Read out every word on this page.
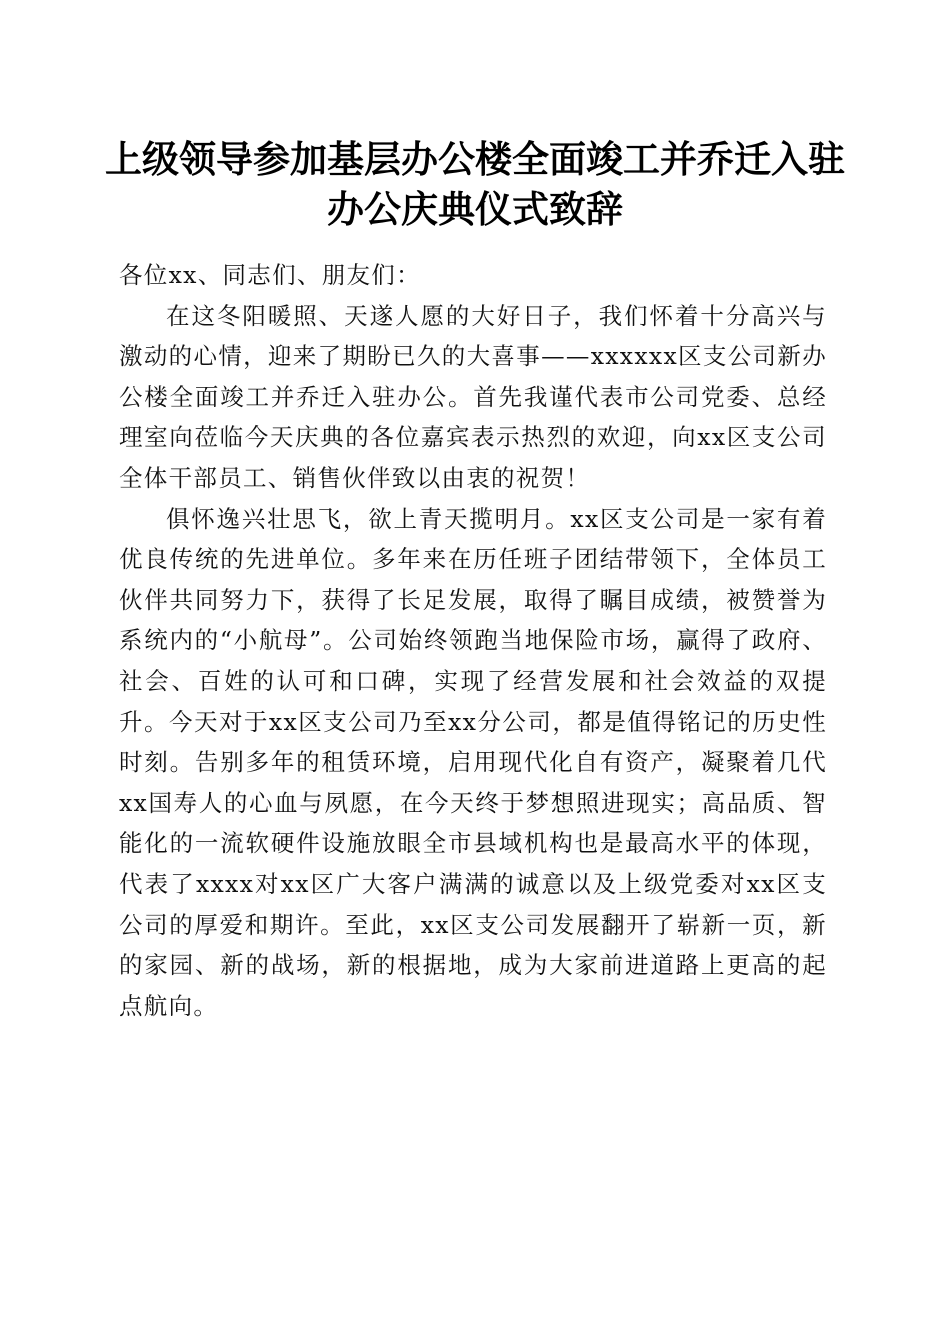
上级领导参加基层办公楼全面竣工并乔迁入驻
办公庆典仪式致辞

各位xx、同志们、朋友们：

在这冬阳暖照、天遂人愿的大好日子，我们怀着十分高兴与激动的心情，迎来了期盼已久的大喜事——xxxxxx区支公司新办公楼全面竣工并乔迁入驻办公。首先我谨代表市公司党委、总经理室向莅临今天庆典的各位嘉宾表示热烈的欢迎，向xx区支公司全体干部员工、销售伙伴致以由衷的祝贺！

俱怀逸兴壮思飞，欲上青天揽明月。xx区支公司是一家有着优良传统的先进单位。多年来在历任班子团结带领下，全体员工伙伴共同努力下，获得了长足发展，取得了瞩目成绩，被赞誉为系统内的“小航母”。公司始终领跑当地保险市场，赢得了政府、社会、百姓的认可和口碑，实现了经营发展和社会效益的双提升。今天对于xx区支公司乃至xx分公司，都是值得铭记的历史性时刻。告别多年的租赁环境，启用现代化自有资产，凝聚着几代xx国寿人的心血与夙愿，在今天终于梦想照进现实；高品质、智能化的一流软硬件设施放眼全市县域机构也是最高水平的体现，代表了xxxx对xx区广大客户满满的诚意以及上级党委对xx区支公司的厚爱和期许。至此，xx区支公司发展翻开了崭新一页，新的家园、新的战场，新的根据地，成为大家前进道路上更高的起点航向。
